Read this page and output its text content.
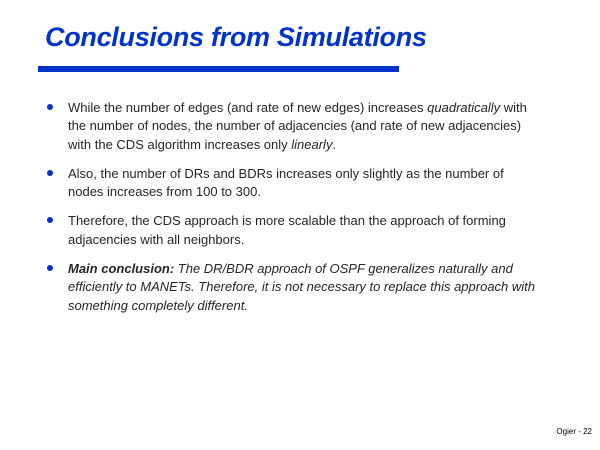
Conclusions from Simulations
While the number of edges (and rate of new edges) increases quadratically with the number of nodes, the number of adjacencies (and rate of new adjacencies) with the CDS algorithm increases only linearly.
Also, the number of DRs and BDRs increases only slightly as the number of nodes increases from 100 to 300.
Therefore, the CDS approach is more scalable than the approach of forming adjacencies with all neighbors.
Main conclusion: The DR/BDR approach of OSPF generalizes naturally and efficiently to MANETs. Therefore, it is not necessary to replace this approach with something completely different.
Ogier - 22
